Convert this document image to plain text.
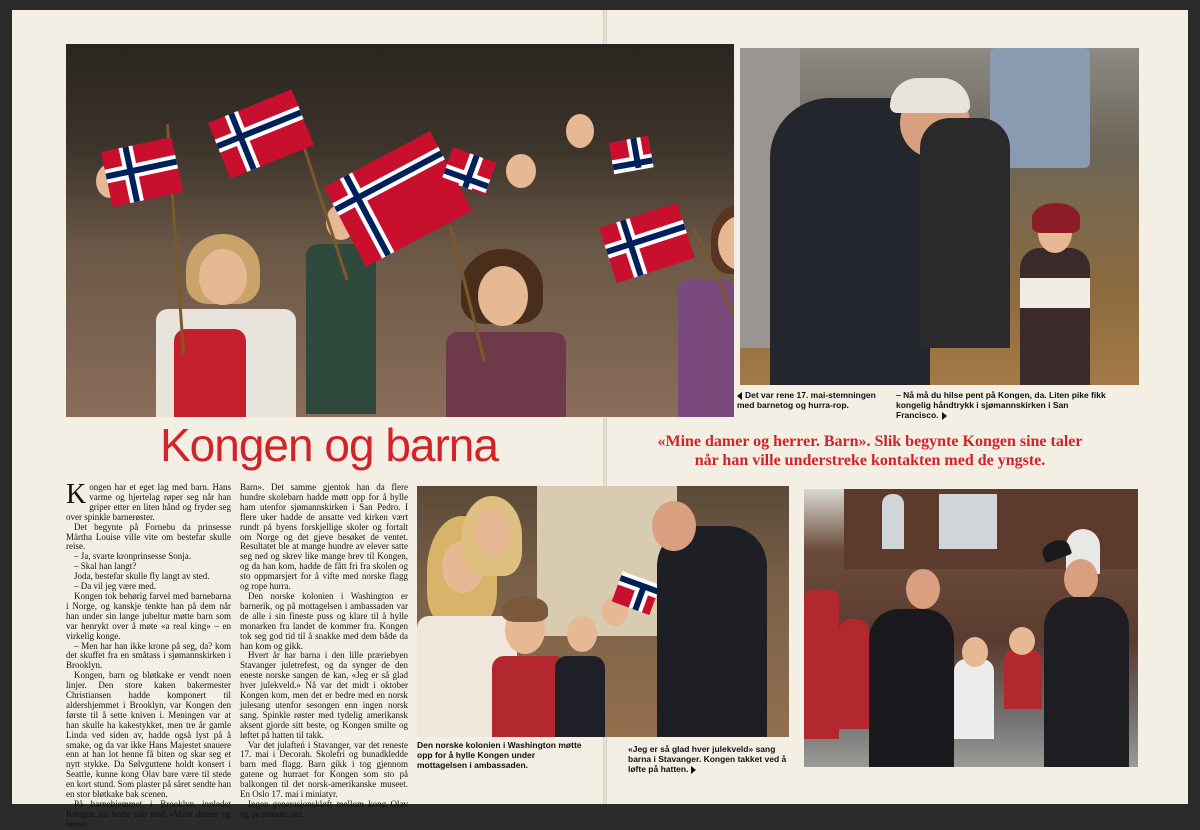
Kongen og barna	«Mine damer og herrer. Barn». Slik begynte Kongen sine taler når han ville understreke kontakten med de yngste.

Det var rene 17. mai-stemningen med barnetog og hurra-rop.

– Nå må du hilse pent på Kongen, da. Liten pike fikk kongelig håndtrykk i sjømannskirken i San Francisco.

Den norske kolonien i Washington møtte opp for å hylle Kongen under mottagelsen i ambassaden.

«Jeg er så glad hver julekveld» sang barna i Stavanger. Kongen takket ved å løfte på hatten.

K ongen har et eget lag med barn. Hans varme og hjertelag røper seg når han griper etter en liten hånd og fryder seg over spinkle barnerøster.

Det begynte på Fornebu da prinsesse Märtha Louise ville vite om bestefar skulle reise.

– Ja, svarte kronprinsesse Sonja.

– Skal han langt?

Joda, bestefar skulle fly langt av sted.

– Da vil jeg være med.

Kongen tok behørig farvel med barnebarna i Norge, og kanskje tenkte han på dem når han under sin lange jubeltur møtte barn som var henrykt over å møte «a real king» – en virkelig konge.

– Men har han ikke krone på seg, da? kom det skuffet fra en småtass i sjømannskirken i Brooklyn.

Kongen, barn og bløtkake er vendt noen linjer. Den store kaken bakermester Christiansen hadde komponert til aldershjemmet i Brooklyn, var Kongen den første til å sette kniven i. Meningen var at han skulle ha kakestykket, men tre år gamle Linda ved siden av, hadde også lyst på å smake, og da var ikke Hans Majestet snauere enn at han lot henne få biten og skar seg et nytt stykke. Da Sølvguttene holdt konsert i Seattle, kunne kong Olav bare være til stede en kort stund. Som plaster på såret sendte han en stor bløtkake bak scenen.

På barnehjemmet i Brooklyn innledet Kongen sin korte tale med «Mine damer og herrer,

Barn». Det samme gjentok han da flere hundre skolebarn hadde møtt opp for å hylle ham utenfor sjømannskirken i San Pedro. I flere uker hadde de ansatte ved kirken vært rundt på byens forskjellige skoler og fortalt om Norge og det gjeve besøket de ventet. Resultatet ble at mange hundre av elever satte seg ned og skrev like mange brev til Kongen, og da han kom, hadde de fått fri fra skolen og sto oppmarsjert for å vifte med norske flagg og rope hurra.

Den norske kolonien i Washington er barnerik, og på mottagelsen i ambassaden var de alle i sin fineste puss og klare til å hylle monarken fra landet de kommer fra. Kongen tok seg god tid til å snakke med dem både da han kom og gikk.

Hvert år har barna i den lille præriebyen Stavanger juletrefest, og da synger de den eneste norske sangen de kan, «Jeg er så glad hver julekveld.» Nå var det midt i oktober Kongen kom, men det er bedre med en norsk julesang utenfor sesongen enn ingen norsk sang. Spinkle røster med tydelig amerikansk aksent gjorde sitt beste, og Kongen smilte og løftet på hatten til takk.

Var det julafteń i Stavanger, var det reneste 17. mai i Decorah. Skolefri og bunadkledde barn med flagg. Barn gikk i tog gjennom gatene og hurraet for Kongen som sto på balkongen til det norsk-amerikanske museet. En Oslo 17. mai i miniatyr.

Ingen generasjonskløft mellom kong Olav og de minste, nei.
